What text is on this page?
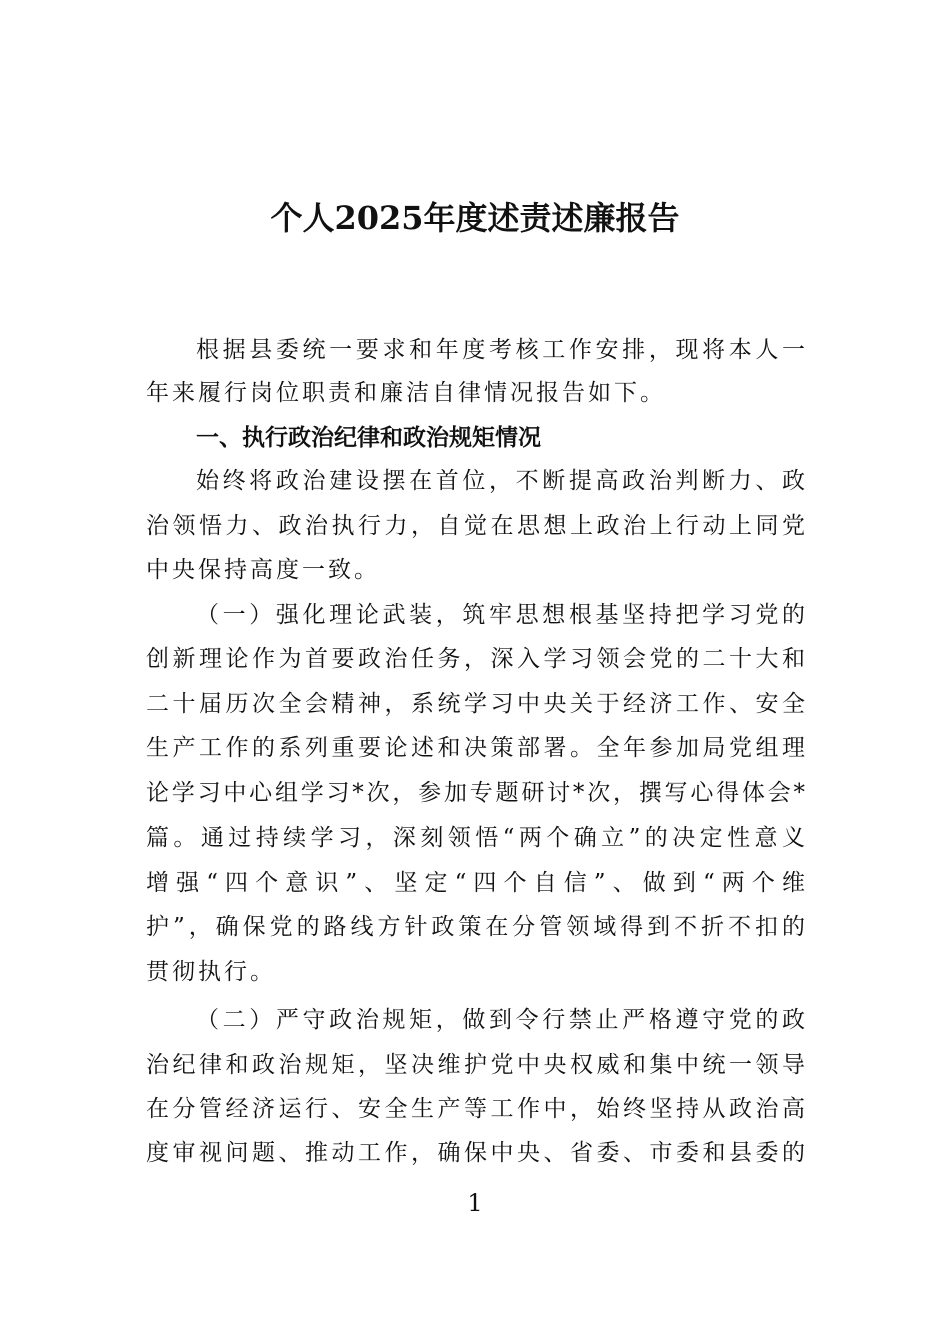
个人2025年度述责述廉报告
根据县委统一要求和年度考核工作安排，现将本人一
年来履行岗位职责和廉洁自律情况报告如下。
一、执行政治纪律和政治规矩情况
始终将政治建设摆在首位，不断提高政治判断力、政
治领悟力、政治执行力，自觉在思想上政治上行动上同党
中央保持高度一致。
（一）强化理论武装，筑牢思想根基坚持把学习党的
创新理论作为首要政治任务，深入学习领会党的二十大和
二十届历次全会精神，系统学习中央关于经济工作、安全
生产工作的系列重要论述和决策部署。全年参加局党组理
论学习中心组学习*次，参加专题研讨*次，撰写心得体会*
篇。通过持续学习，深刻领悟“两个确立”的决定性意义
增强“四个意识”、坚定“四个自信”、做到“两个维
护”，确保党的路线方针政策在分管领域得到不折不扣的
贯彻执行。
（二）严守政治规矩，做到令行禁止严格遵守党的政
治纪律和政治规矩，坚决维护党中央权威和集中统一领导
在分管经济运行、安全生产等工作中，始终坚持从政治高
度审视问题、推动工作，确保中央、省委、市委和县委的
1
